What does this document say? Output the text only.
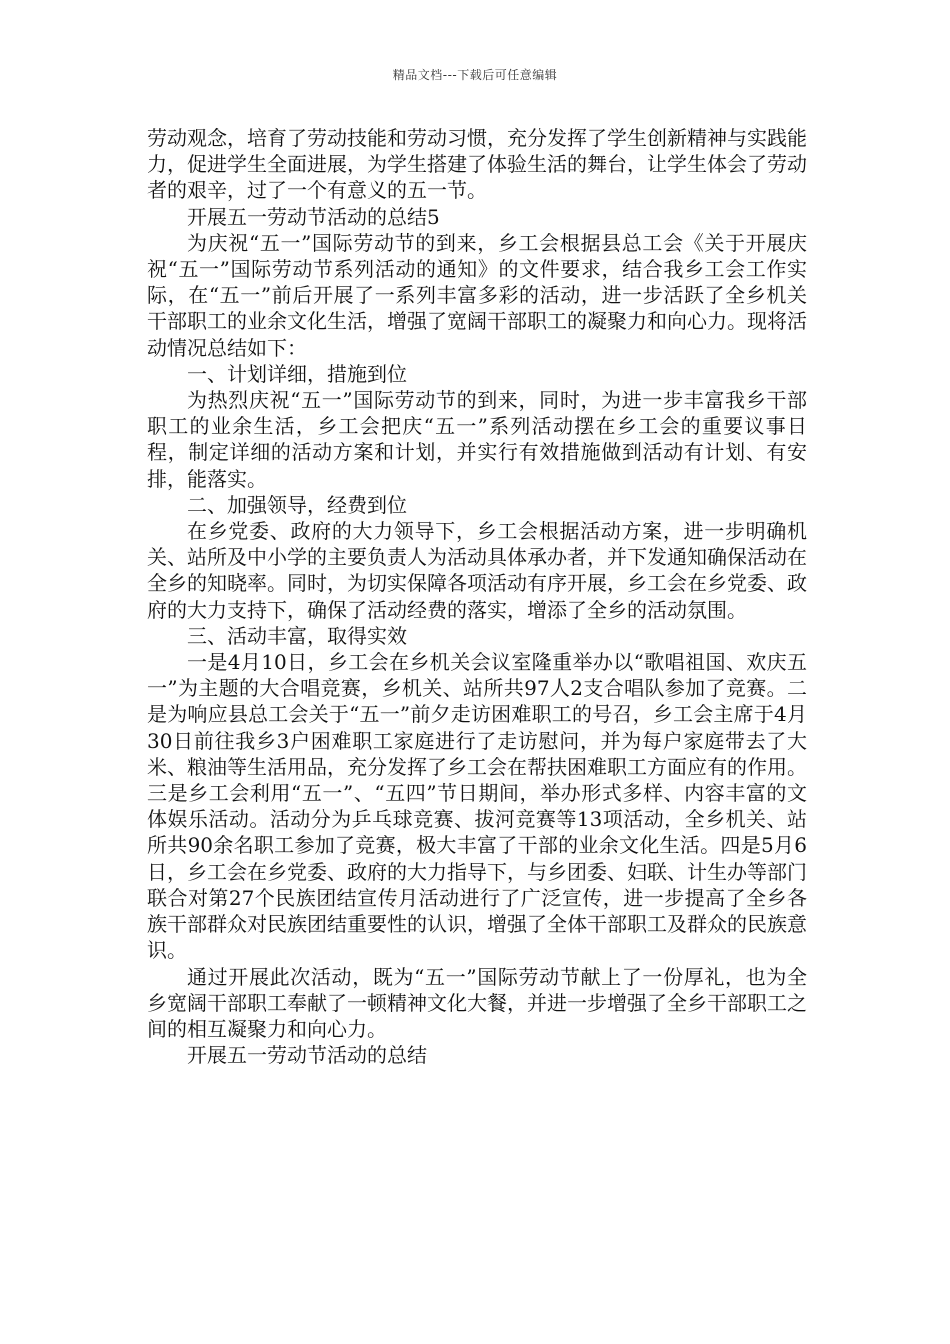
精品文档---下载后可任意编辑

劳动观念，培育了劳动技能和劳动习惯，充分发挥了学生创新精神与实践能力，促进学生全面进展，为学生搭建了体验生活的舞台，让学生体会了劳动者的艰辛，过了一个有意义的五一节。

开展五一劳动节活动的总结5

为庆祝“五一”国际劳动节的到来，乡工会根据县总工会《关于开展庆祝“五一”国际劳动节系列活动的通知》的文件要求，结合我乡工会工作实际，在“五一”前后开展了一系列丰富多彩的活动，进一步活跃了全乡机关干部职工的业余文化生活，增强了宽阔干部职工的凝聚力和向心力。现将活动情况总结如下：

一、计划详细，措施到位

为热烈庆祝“五一”国际劳动节的到来，同时，为进一步丰富我乡干部职工的业余生活，乡工会把庆“五一”系列活动摆在乡工会的重要议事日程，制定详细的活动方案和计划，并实行有效措施做到活动有计划、有安排，能落实。

二、加强领导，经费到位

在乡党委、政府的大力领导下，乡工会根据活动方案，进一步明确机关、站所及中小学的主要负责人为活动具体承办者，并下发通知确保活动在全乡的知晓率。同时，为切实保障各项活动有序开展，乡工会在乡党委、政府的大力支持下，确保了活动经费的落实，增添了全乡的活动氛围。

三、活动丰富，取得实效

一是4月10日，乡工会在乡机关会议室隆重举办以“歌唱祖国、欢庆五一”为主题的大合唱竞赛，乡机关、站所共97人2支合唱队参加了竞赛。二是为响应县总工会关于“五一”前夕走访困难职工的号召，乡工会主席于4月30日前往我乡3户困难职工家庭进行了走访慰问，并为每户家庭带去了大米、粮油等生活用品，充分发挥了乡工会在帮扶困难职工方面应有的作用。三是乡工会利用“五一”、“五四”节日期间，举办形式多样、内容丰富的文体娱乐活动。活动分为乒乓球竞赛、拔河竞赛等13项活动，全乡机关、站所共90余名职工参加了竞赛，极大丰富了干部的业余文化生活。四是5月6日，乡工会在乡党委、政府的大力指导下，与乡团委、妇联、计生办等部门联合对第27个民族团结宣传月活动进行了广泛宣传，进一步提高了全乡各族干部群众对民族团结重要性的认识，增强了全体干部职工及群众的民族意识。

通过开展此次活动，既为“五一”国际劳动节献上了一份厚礼，也为全乡宽阔干部职工奉献了一顿精神文化大餐，并进一步增强了全乡干部职工之间的相互凝聚力和向心力。

开展五一劳动节活动的总结
